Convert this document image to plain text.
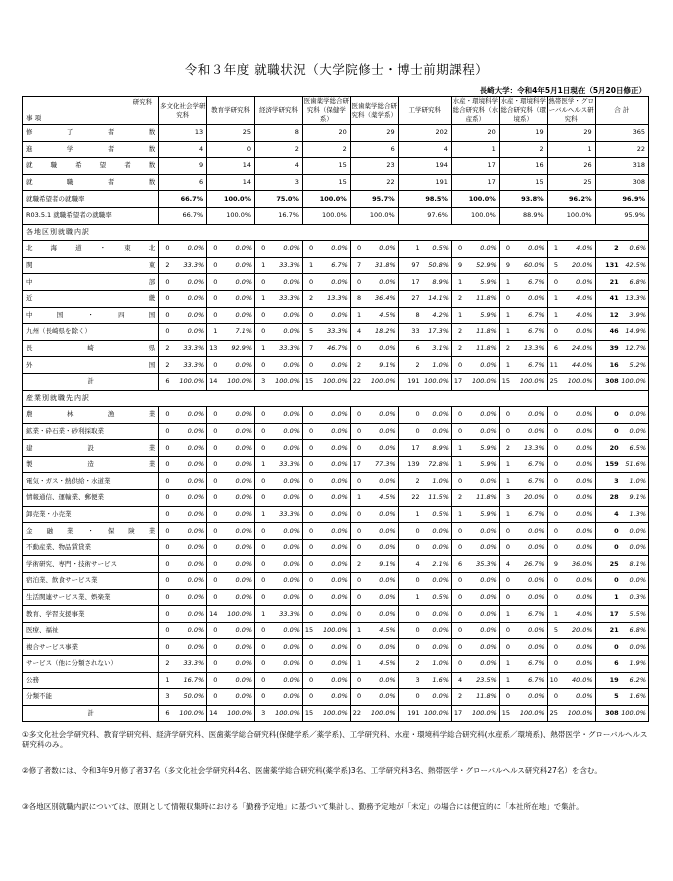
令和３年度 就職状況（大学院修士・博士前期課程）
長崎大学：令和4年5月1日現在（5月20日修正）
研究科
事 項	多文化社会学研究科		教育学研究科		経済学研究科		医歯薬学総合研究科（保健学系）		医歯薬学総合研究科（薬学系）		工学研究科		水産・環境科学総合研究科（水産系）		水産・環境科学総合研究科（環境系）		熱帯医学・グローバルヘルス研究科		合 計	
修了者数	13		25		8		20		29		202		20		19		29		365	
進学者数	4		0		2		2		6		4		1		2		1		22	
就職希望者数	9		14		4		15		23		194		17		16		26		318	
就職者数	6		14		3		15		22		191		17		15		25		308	
就職希望者の就職率	66.7%		100.0%		75.0%		100.0%		95.7%		98.5%		100.0%		93.8%		96.2%		96.9%	
R03.5.1 就職希望者の就職率	66.7%		100.0%		16.7%		100.0%		100.0%		97.6%		100.0%		88.9%		100.0%		95.9%	
各地区別就職内訳																				
北海道・東北	0	0.0%	0	0.0%	0	0.0%	0	0.0%	0	0.0%	1	0.5%	0	0.0%	0	0.0%	1	4.0%	2	0.6%
関東	2	33.3%	0	0.0%	1	33.3%	1	6.7%	7	31.8%	97	50.8%	9	52.9%	9	60.0%	5	20.0%	131	42.5%
中部	0	0.0%	0	0.0%	0	0.0%	0	0.0%	0	0.0%	17	8.9%	1	5.9%	1	6.7%	0	0.0%	21	6.8%
近畿	0	0.0%	0	0.0%	1	33.3%	2	13.3%	8	36.4%	27	14.1%	2	11.8%	0	0.0%	1	4.0%	41	13.3%
中国・四国	0	0.0%	0	0.0%	0	0.0%	0	0.0%	1	4.5%	8	4.2%	1	5.9%	1	6.7%	1	4.0%	12	3.9%
九州（長崎県を除く）	0	0.0%	1	7.1%	0	0.0%	5	33.3%	4	18.2%	33	17.3%	2	11.8%	1	6.7%	0	0.0%	46	14.9%
長崎県	2	33.3%	13	92.9%	1	33.3%	7	46.7%	0	0.0%	6	3.1%	2	11.8%	2	13.3%	6	24.0%	39	12.7%
外国	2	33.3%	0	0.0%	0	0.0%	0	0.0%	2	9.1%	2	1.0%	0	0.0%	1	6.7%	11	44.0%	16	5.2%
計	6	100.0%	14	100.0%	3	100.0%	15	100.0%	22	100.0%	191	100.0%	17	100.0%	15	100.0%	25	100.0%	308	100.0%
産業別就職先内訳																				
農林漁業	0	0.0%	0	0.0%	0	0.0%	0	0.0%	0	0.0%	0	0.0%	0	0.0%	0	0.0%	0	0.0%	0	0.0%
鉱業・砕石業・砂利採取業	0	0.0%	0	0.0%	0	0.0%	0	0.0%	0	0.0%	0	0.0%	0	0.0%	0	0.0%	0	0.0%	0	0.0%
建設業	0	0.0%	0	0.0%	0	0.0%	0	0.0%	0	0.0%	17	8.9%	1	5.9%	2	13.3%	0	0.0%	20	6.5%
製造業	0	0.0%	0	0.0%	1	33.3%	0	0.0%	17	77.3%	139	72.8%	1	5.9%	1	6.7%	0	0.0%	159	51.6%
電気・ガス・熱供給・水道業	0	0.0%	0	0.0%	0	0.0%	0	0.0%	0	0.0%	2	1.0%	0	0.0%	1	6.7%	0	0.0%	3	1.0%
情報通信、運輸業、郵便業	0	0.0%	0	0.0%	0	0.0%	0	0.0%	1	4.5%	22	11.5%	2	11.8%	3	20.0%	0	0.0%	28	9.1%
卸売業・小売業	0	0.0%	0	0.0%	1	33.3%	0	0.0%	0	0.0%	1	0.5%	1	5.9%	1	6.7%	0	0.0%	4	1.3%
金融業・保険業	0	0.0%	0	0.0%	0	0.0%	0	0.0%	0	0.0%	0	0.0%	0	0.0%	0	0.0%	0	0.0%	0	0.0%
不動産業、物品賃貸業	0	0.0%	0	0.0%	0	0.0%	0	0.0%	0	0.0%	0	0.0%	0	0.0%	0	0.0%	0	0.0%	0	0.0%
学術研究、専門・技術サービス	0	0.0%	0	0.0%	0	0.0%	0	0.0%	2	9.1%	4	2.1%	6	35.3%	4	26.7%	9	36.0%	25	8.1%
宿泊業、飲食サービス業	0	0.0%	0	0.0%	0	0.0%	0	0.0%	0	0.0%	0	0.0%	0	0.0%	0	0.0%	0	0.0%	0	0.0%
生活関連サービス業、娯楽業	0	0.0%	0	0.0%	0	0.0%	0	0.0%	0	0.0%	1	0.5%	0	0.0%	0	0.0%	0	0.0%	1	0.3%
教育、学習支援事業	0	0.0%	14	100.0%	1	33.3%	0	0.0%	0	0.0%	0	0.0%	0	0.0%	1	6.7%	1	4.0%	17	5.5%
医療、福祉	0	0.0%	0	0.0%	0	0.0%	15	100.0%	1	4.5%	0	0.0%	0	0.0%	0	0.0%	5	20.0%	21	6.8%
複合サービス事業	0	0.0%	0	0.0%	0	0.0%	0	0.0%	0	0.0%	0	0.0%	0	0.0%	0	0.0%	0	0.0%	0	0.0%
サービス（他に分類されない）	2	33.3%	0	0.0%	0	0.0%	0	0.0%	1	4.5%	2	1.0%	0	0.0%	1	6.7%	0	0.0%	6	1.9%
公務	1	16.7%	0	0.0%	0	0.0%	0	0.0%	0	0.0%	3	1.6%	4	23.5%	1	6.7%	10	40.0%	19	6.2%
分類不能	3	50.0%	0	0.0%	0	0.0%	0	0.0%	0	0.0%	0	0.0%	2	11.8%	0	0.0%	0	0.0%	5	1.6%
計	6	100.0%	14	100.0%	3	100.0%	15	100.0%	22	100.0%	191	100.0%	17	100.0%	15	100.0%	25	100.0%	308	100.0%
①多文化社会学研究科、教育学研究科、経済学研究科、医歯薬学総合研究科(保健学系／薬学系)、工学研究科、水産・環境科学総合研究科(水産系／環境系)、熱帯医学・グローバルヘルス研究科のみ。
②修了者数には、令和3年9月修了者37名（多文化社会学研究科4名、医歯薬学総合研究科(薬学系)3名、工学研究科3名、熱帯医学・グローバルヘルス研究科27名）を含む。
③各地区別就職内訳については、原則として情報収集時における「勤務予定地」に基づいて集計し、勤務予定地が「未定」の場合には便宜的に「本社所在地」で集計。
